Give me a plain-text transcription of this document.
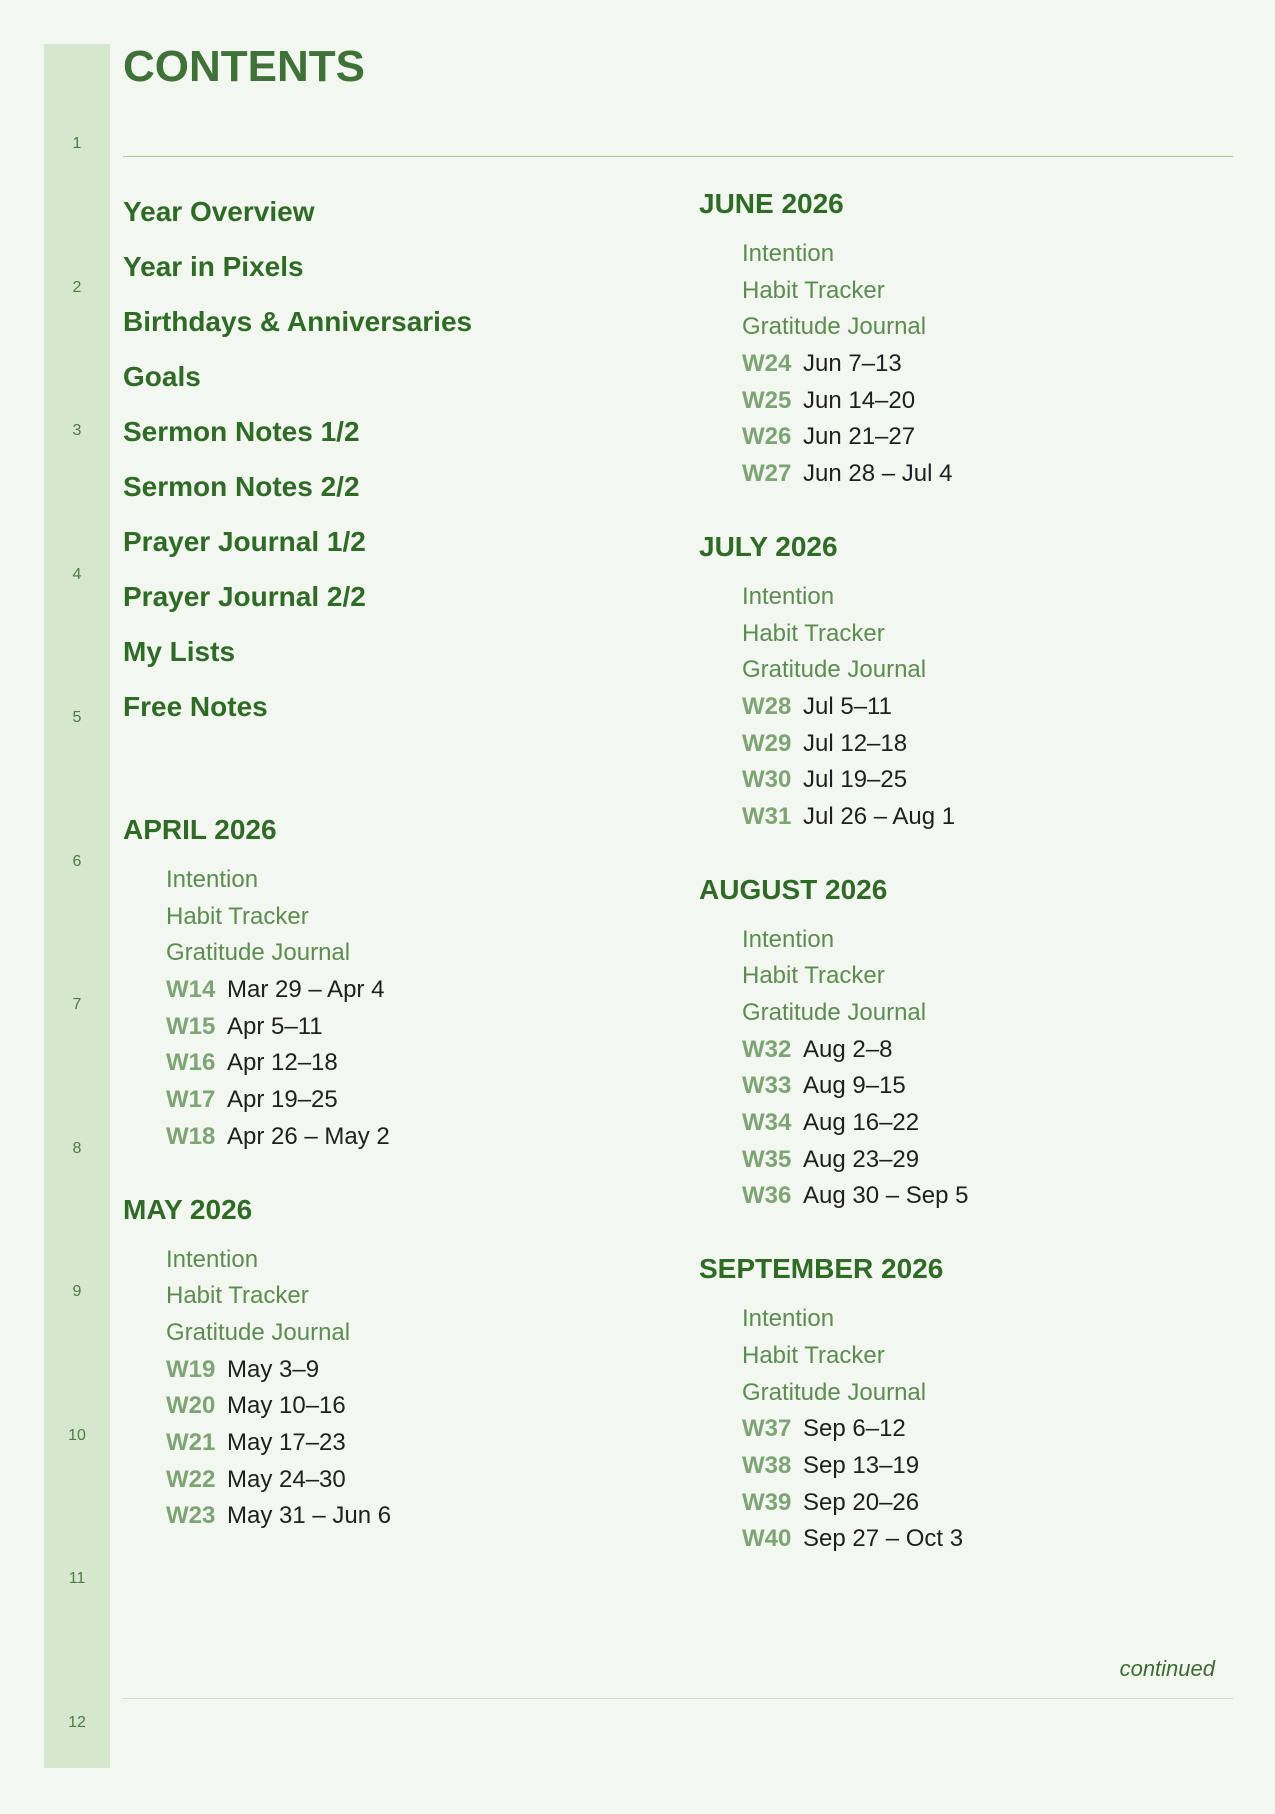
1
2
3
4
5
6
7
8
9
10
11
12
CONTENTS
Year Overview
Year in Pixels
Birthdays & Anniversaries
Goals
Sermon Notes 1/2
Sermon Notes 2/2
Prayer Journal 1/2
Prayer Journal 2/2
My Lists
Free Notes
APRIL 2026
Intention
Habit Tracker
Gratitude Journal
W14 Mar 29 – Apr 4
W15 Apr 5–11
W16 Apr 12–18
W17 Apr 19–25
W18 Apr 26 – May 2
MAY 2026
Intention
Habit Tracker
Gratitude Journal
W19 May 3–9
W20 May 10–16
W21 May 17–23
W22 May 24–30
W23 May 31 – Jun 6
JUNE 2026
Intention
Habit Tracker
Gratitude Journal
W24 Jun 7–13
W25 Jun 14–20
W26 Jun 21–27
W27 Jun 28 – Jul 4
JULY 2026
Intention
Habit Tracker
Gratitude Journal
W28 Jul 5–11
W29 Jul 12–18
W30 Jul 19–25
W31 Jul 26 – Aug 1
AUGUST 2026
Intention
Habit Tracker
Gratitude Journal
W32 Aug 2–8
W33 Aug 9–15
W34 Aug 16–22
W35 Aug 23–29
W36 Aug 30 – Sep 5
SEPTEMBER 2026
Intention
Habit Tracker
Gratitude Journal
W37 Sep 6–12
W38 Sep 13–19
W39 Sep 20–26
W40 Sep 27 – Oct 3
continued
